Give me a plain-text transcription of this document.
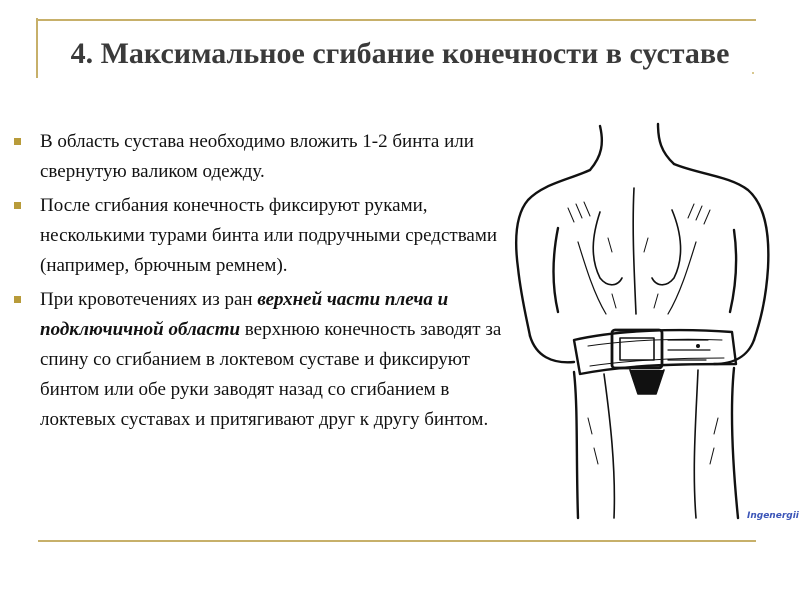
4. Максимальное сгибание конечности в суставе
В область сустава необходимо вложить 1-2 бинта или свернутую валиком одежду.
После сгибания конечность фиксируют руками, несколькими турами бинта или подручными средствами (например, брючным ремнем).
При кровотечениях из ран верхней части плеча и подключичной области верхнюю конечность заводят за спину со сгибанием в локтевом суставе и фиксируют бинтом или обе руки заводят назад со сгибанием в локтевых суставах и притягивают друг к другу бинтом.
Ingenergii
